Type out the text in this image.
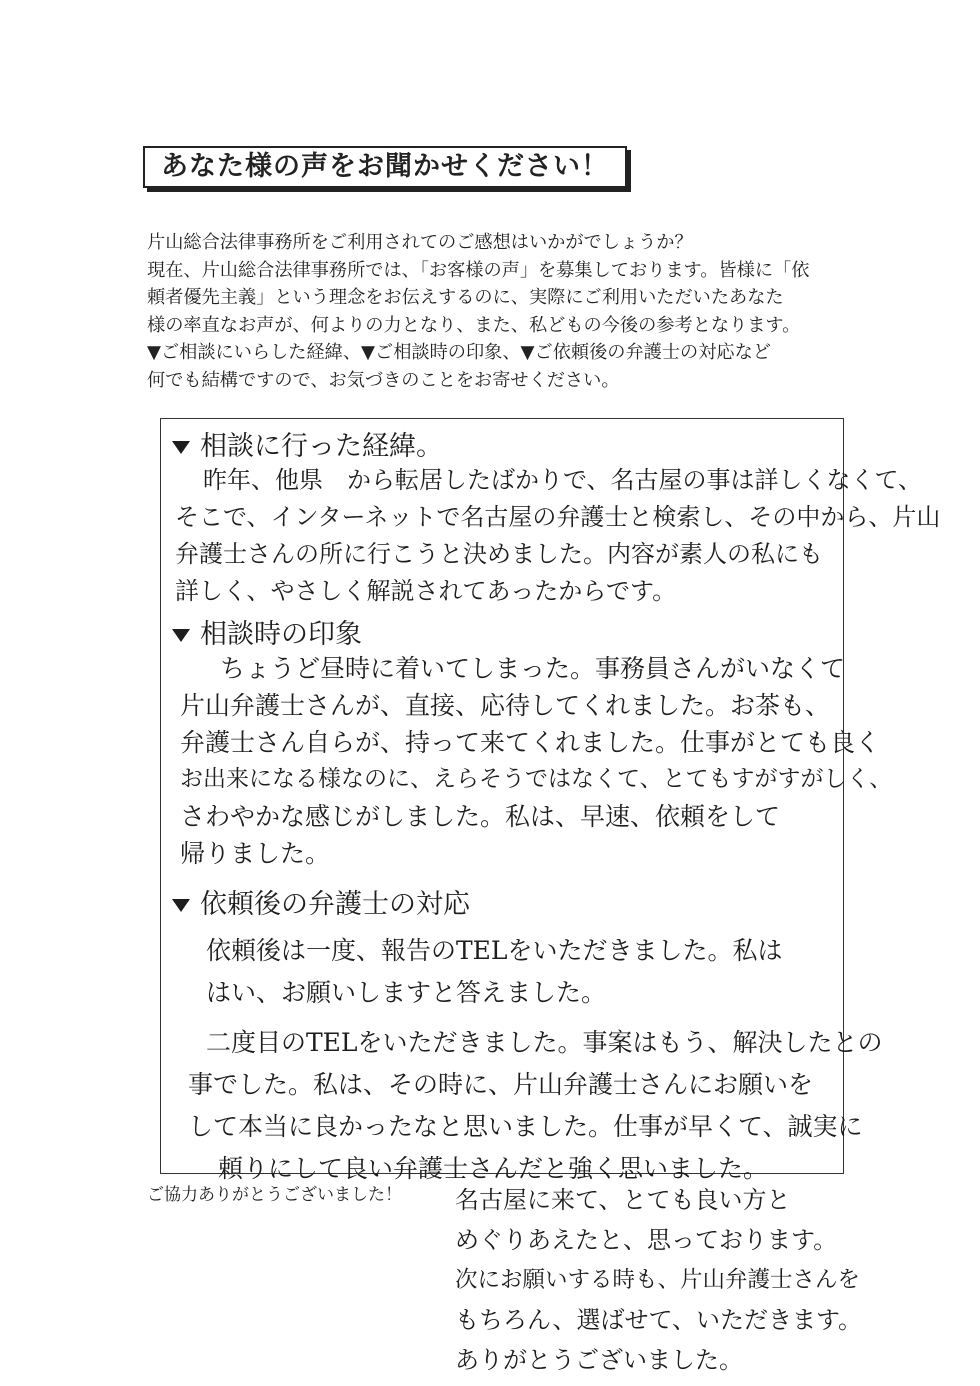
あなた様の声をお聞かせください！
片山総合法律事務所をご利用されてのご感想はいかがでしょうか？
現在、片山総合法律事務所では、「お客様の声」を募集しております。皆様に「依
頼者優先主義」という理念をお伝えするのに、実際にご利用いただいたあなた
様の率直なお声が、何よりの力となり、また、私どもの今後の参考となります。
▼ご相談にいらした経緯、▼ご相談時の印象、▼ご依頼後の弁護士の対応など
何でも結構ですので、お気づきのことをお寄せください。
相談に行った経緯。
昨年、他県　から転居したばかりで、名古屋の事は詳しくなくて、
そこで、インターネットで名古屋の弁護士と検索し、その中から、片山
弁護士さんの所に行こうと決めました。内容が素人の私にも
詳しく、やさしく解説されてあったからです。
相談時の印象
ちょうど昼時に着いてしまった。事務員さんがいなくて
片山弁護士さんが、直接、応待してくれました。お茶も、
弁護士さん自らが、持って来てくれました。仕事がとても良く
お出来になる様なのに、えらそうではなくて、とてもすがすがしく、
さわやかな感じがしました。私は、早速、依頼をして
帰りました。
依頼後の弁護士の対応
依頼後は一度、報告のTELをいただきました。私は
はい、お願いしますと答えました。
二度目のTELをいただきました。事案はもう、解決したとの
事でした。私は、その時に、片山弁護士さんにお願いを
して本当に良かったなと思いました。仕事が早くて、誠実に
頼りにして良い弁護士さんだと強く思いました。
ご協力ありがとうございました！ 名古屋に来て、とても良い方と
めぐりあえたと、思っております。
次にお願いする時も、片山弁護士さんを
もちろん、選ばせて、いただきます。
ありがとうございました。
